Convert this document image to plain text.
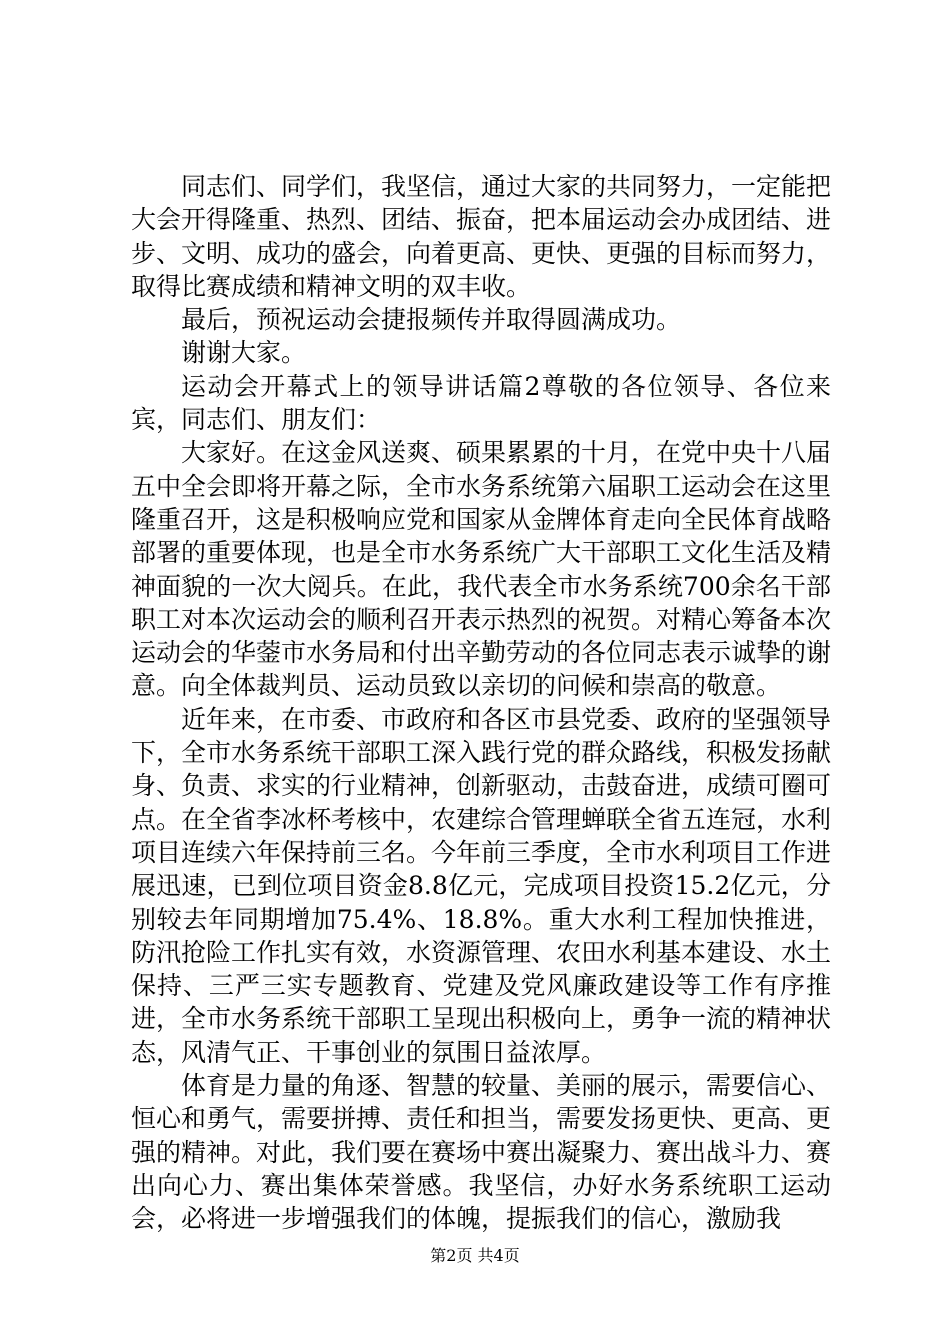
同志们、同学们，我坚信，通过大家的共同努力，一定能把大会开得隆重、热烈、团结、振奋，把本届运动会办成团结、进步、文明、成功的盛会，向着更高、更快、更强的目标而努力，取得比赛成绩和精神文明的双丰收。

最后，预祝运动会捷报频传并取得圆满成功。

谢谢大家。

运动会开幕式上的领导讲话篇2尊敬的各位领导、各位来宾，同志们、朋友们：

大家好。在这金风送爽、硕果累累的十月，在党中央十八届五中全会即将开幕之际，全市水务系统第六届职工运动会在这里隆重召开，这是积极响应党和国家从金牌体育走向全民体育战略部署的重要体现，也是全市水务系统广大干部职工文化生活及精神面貌的一次大阅兵。在此，我代表全市水务系统700余名干部职工对本次运动会的顺利召开表示热烈的祝贺。对精心筹备本次运动会的华蓥市水务局和付出辛勤劳动的各位同志表示诚挚的谢意。向全体裁判员、运动员致以亲切的问候和崇高的敬意。

近年来，在市委、市政府和各区市县党委、政府的坚强领导下，全市水务系统干部职工深入践行党的群众路线，积极发扬献身、负责、求实的行业精神，创新驱动，击鼓奋进，成绩可圈可点。在全省李冰杯考核中，农建综合管理蝉联全省五连冠，水利项目连续六年保持前三名。今年前三季度，全市水利项目工作进展迅速，已到位项目资金8.8亿元，完成项目投资15.2亿元，分别较去年同期增加75.4%、18.8%。重大水利工程加快推进，防汛抢险工作扎实有效，水资源管理、农田水利基本建设、水土保持、三严三实专题教育、党建及党风廉政建设等工作有序推进，全市水务系统干部职工呈现出积极向上，勇争一流的精神状态，风清气正、干事创业的氛围日益浓厚。

体育是力量的角逐、智慧的较量、美丽的展示，需要信心、恒心和勇气，需要拼搏、责任和担当，需要发扬更快、更高、更强的精神。对此，我们要在赛场中赛出凝聚力、赛出战斗力、赛出向心力、赛出集体荣誉感。我坚信，办好水务系统职工运动会，必将进一步增强我们的体魄，提振我们的信心，激励我

第2页 共4页
